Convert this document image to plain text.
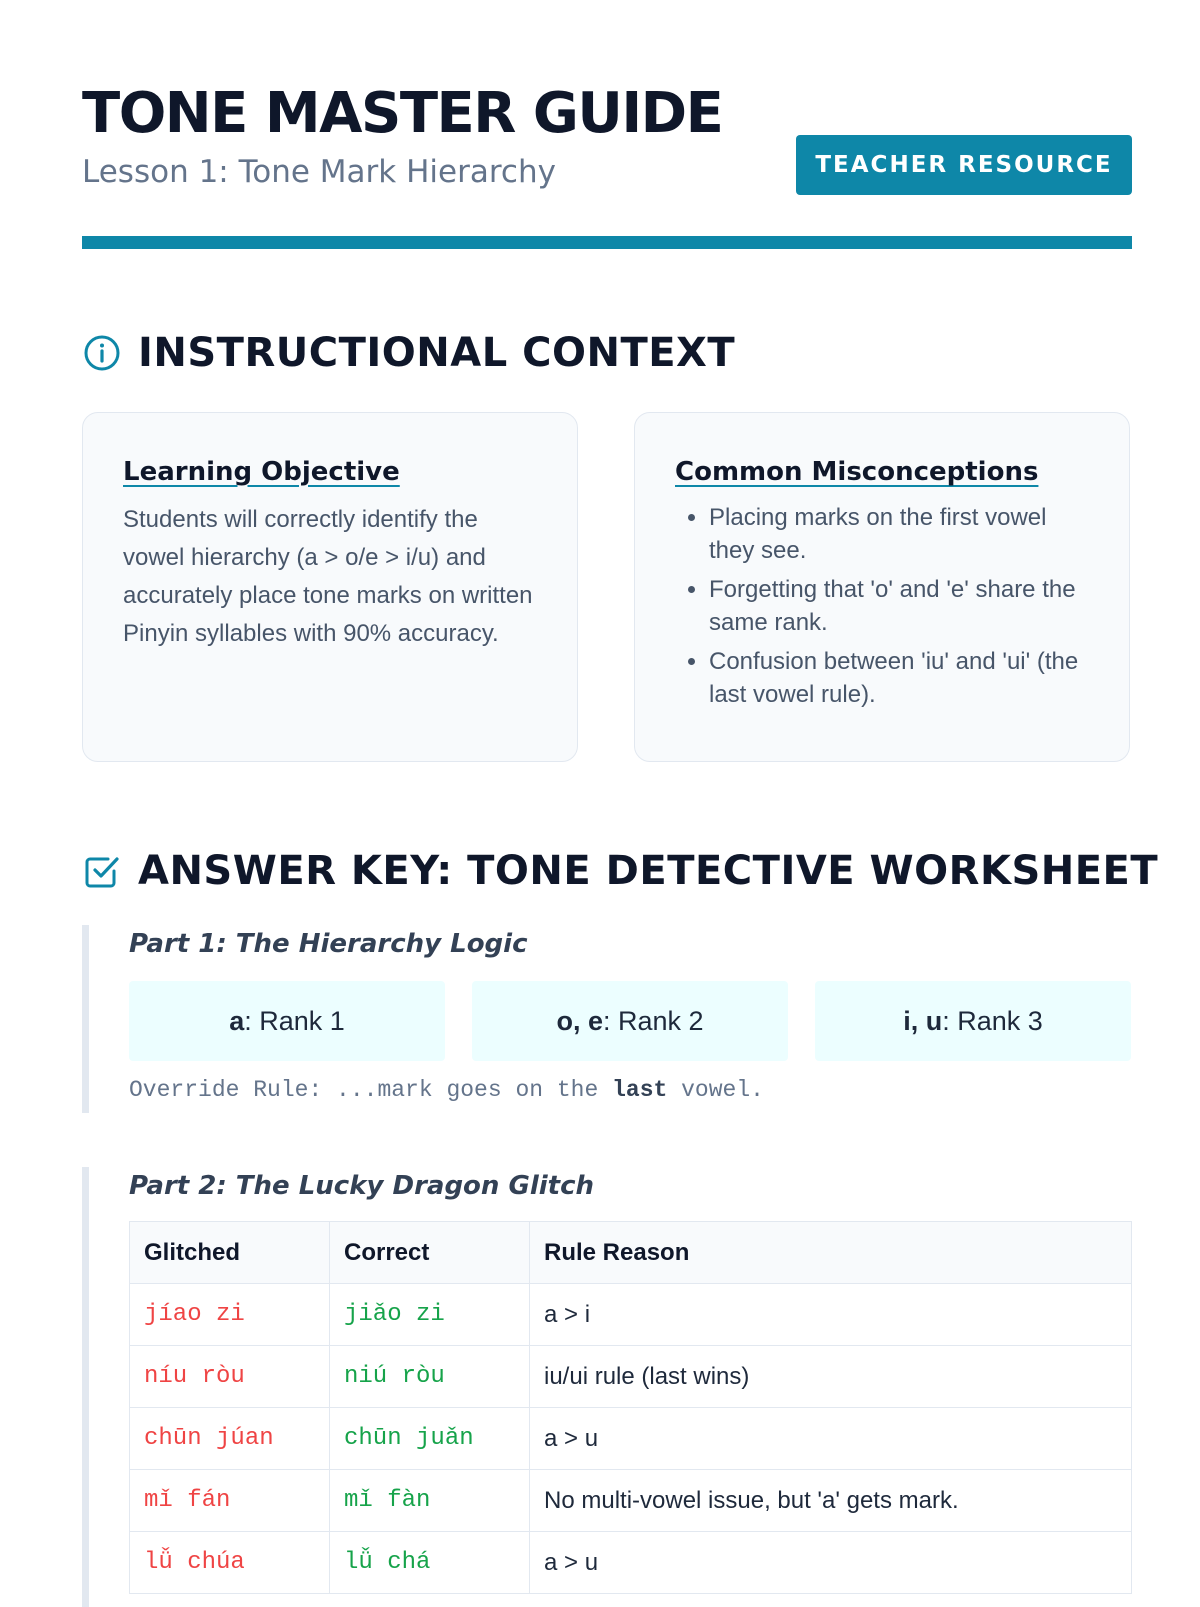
TONE MASTER GUIDE

Lesson 1: Tone Mark Hierarchy	TEACHER RESOURCE
INSTRUCTIONAL CONTEXT
Learning Objective

Students will correctly identify the vowel hierarchy (a > o/e > i/u) and accurately place tone marks on written Pinyin syllables with 90% accuracy.

Common Misconceptions
• Placing marks on the first vowel they see.
• Forgetting that 'o' and 'e' share the same rank.
• Confusion between 'iu' and 'ui' (the last vowel rule).
ANSWER KEY: TONE DETECTIVE WORKSHEET
Part 1: The Hierarchy Logic
a : Rank 1	o, e : Rank 2	i, u : Rank 3
Override Rule: ...mark goes on the last vowel.
Part 2: The Lucky Dragon Glitch
Glitched	Correct	Rule Reason
jíao zi	jiǎo zi	a > i
níu ròu	niú ròu	iu/ui rule (last wins)
chūn júan	chūn juǎn	a > u
mǐ fán	mǐ fàn	No multi-vowel issue, but 'a' gets mark.
lǚ chúa	lǚ chá	a > u
